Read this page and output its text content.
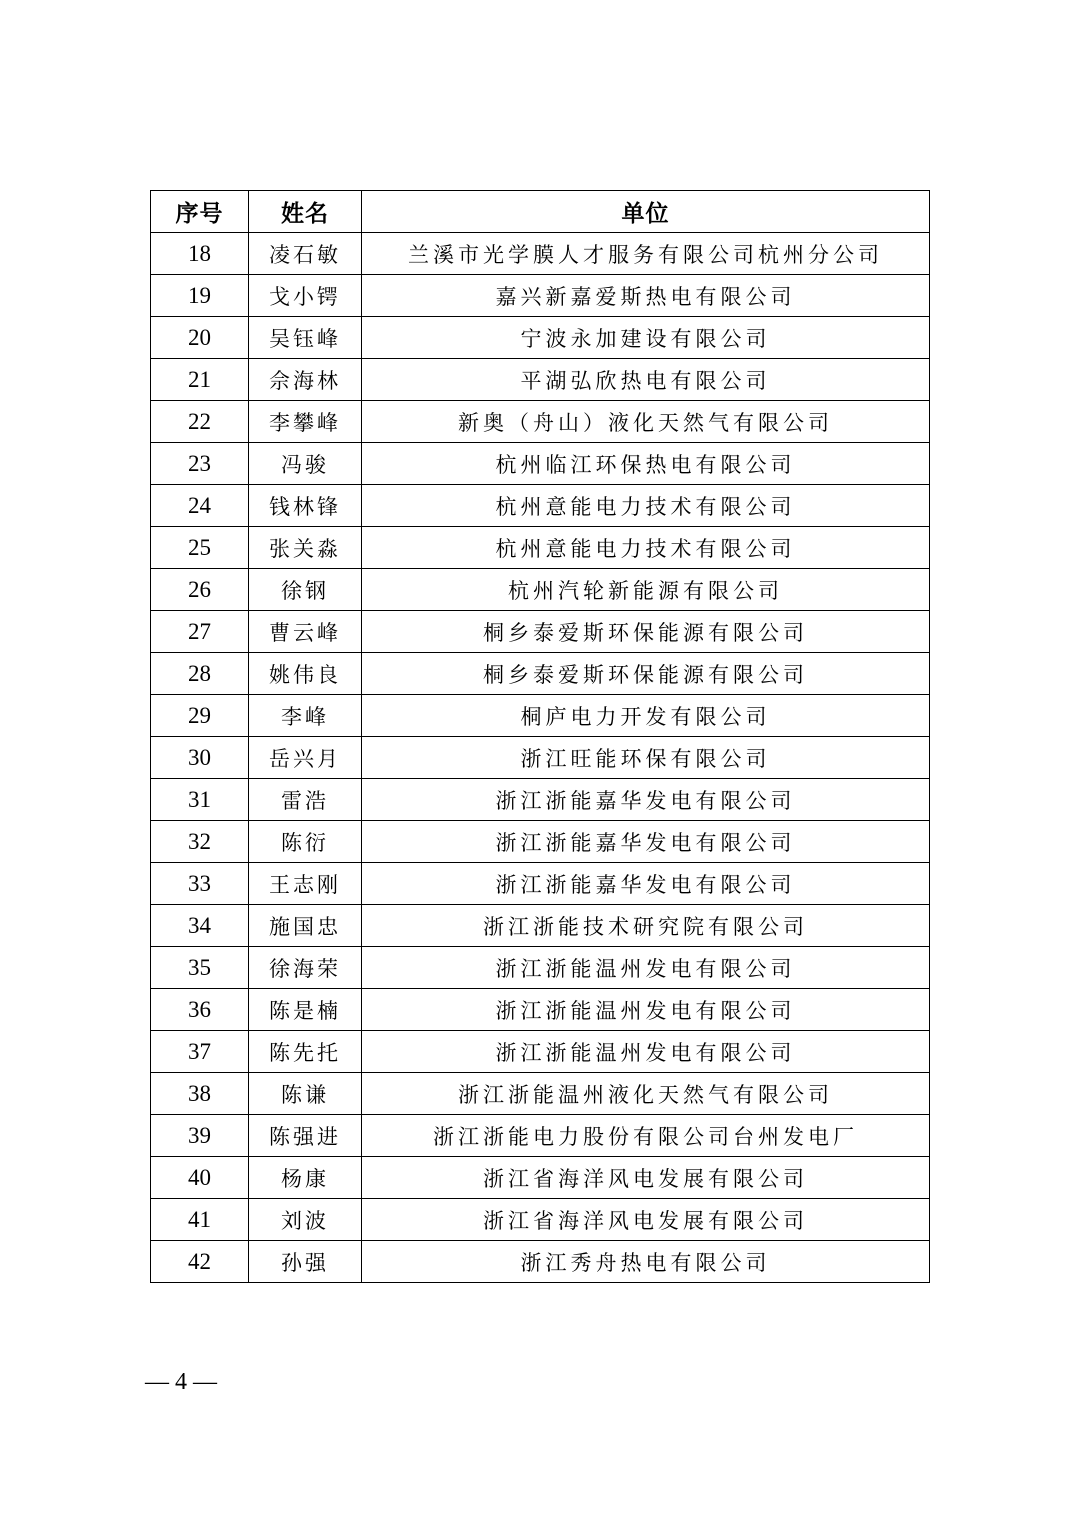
序号	姓名	单位
18	凌石敏	兰溪市光学膜人才服务有限公司杭州分公司
19	戈小锷	嘉兴新嘉爱斯热电有限公司
20	吴钰峰	宁波永加建设有限公司
21	佘海林	平湖弘欣热电有限公司
22	李攀峰	新奥（舟山）液化天然气有限公司
23	冯骏	杭州临江环保热电有限公司
24	钱林锋	杭州意能电力技术有限公司
25	张关淼	杭州意能电力技术有限公司
26	徐钢	杭州汽轮新能源有限公司
27	曹云峰	桐乡泰爱斯环保能源有限公司
28	姚伟良	桐乡泰爱斯环保能源有限公司
29	李峰	桐庐电力开发有限公司
30	岳兴月	浙江旺能环保有限公司
31	雷浩	浙江浙能嘉华发电有限公司
32	陈衍	浙江浙能嘉华发电有限公司
33	王志刚	浙江浙能嘉华发电有限公司
34	施国忠	浙江浙能技术研究院有限公司
35	徐海荣	浙江浙能温州发电有限公司
36	陈是楠	浙江浙能温州发电有限公司
37	陈先托	浙江浙能温州发电有限公司
38	陈谦	浙江浙能温州液化天然气有限公司
39	陈强进	浙江浙能电力股份有限公司台州发电厂
40	杨康	浙江省海洋风电发展有限公司
41	刘波	浙江省海洋风电发展有限公司
42	孙强	浙江秀舟热电有限公司
— 4 —
